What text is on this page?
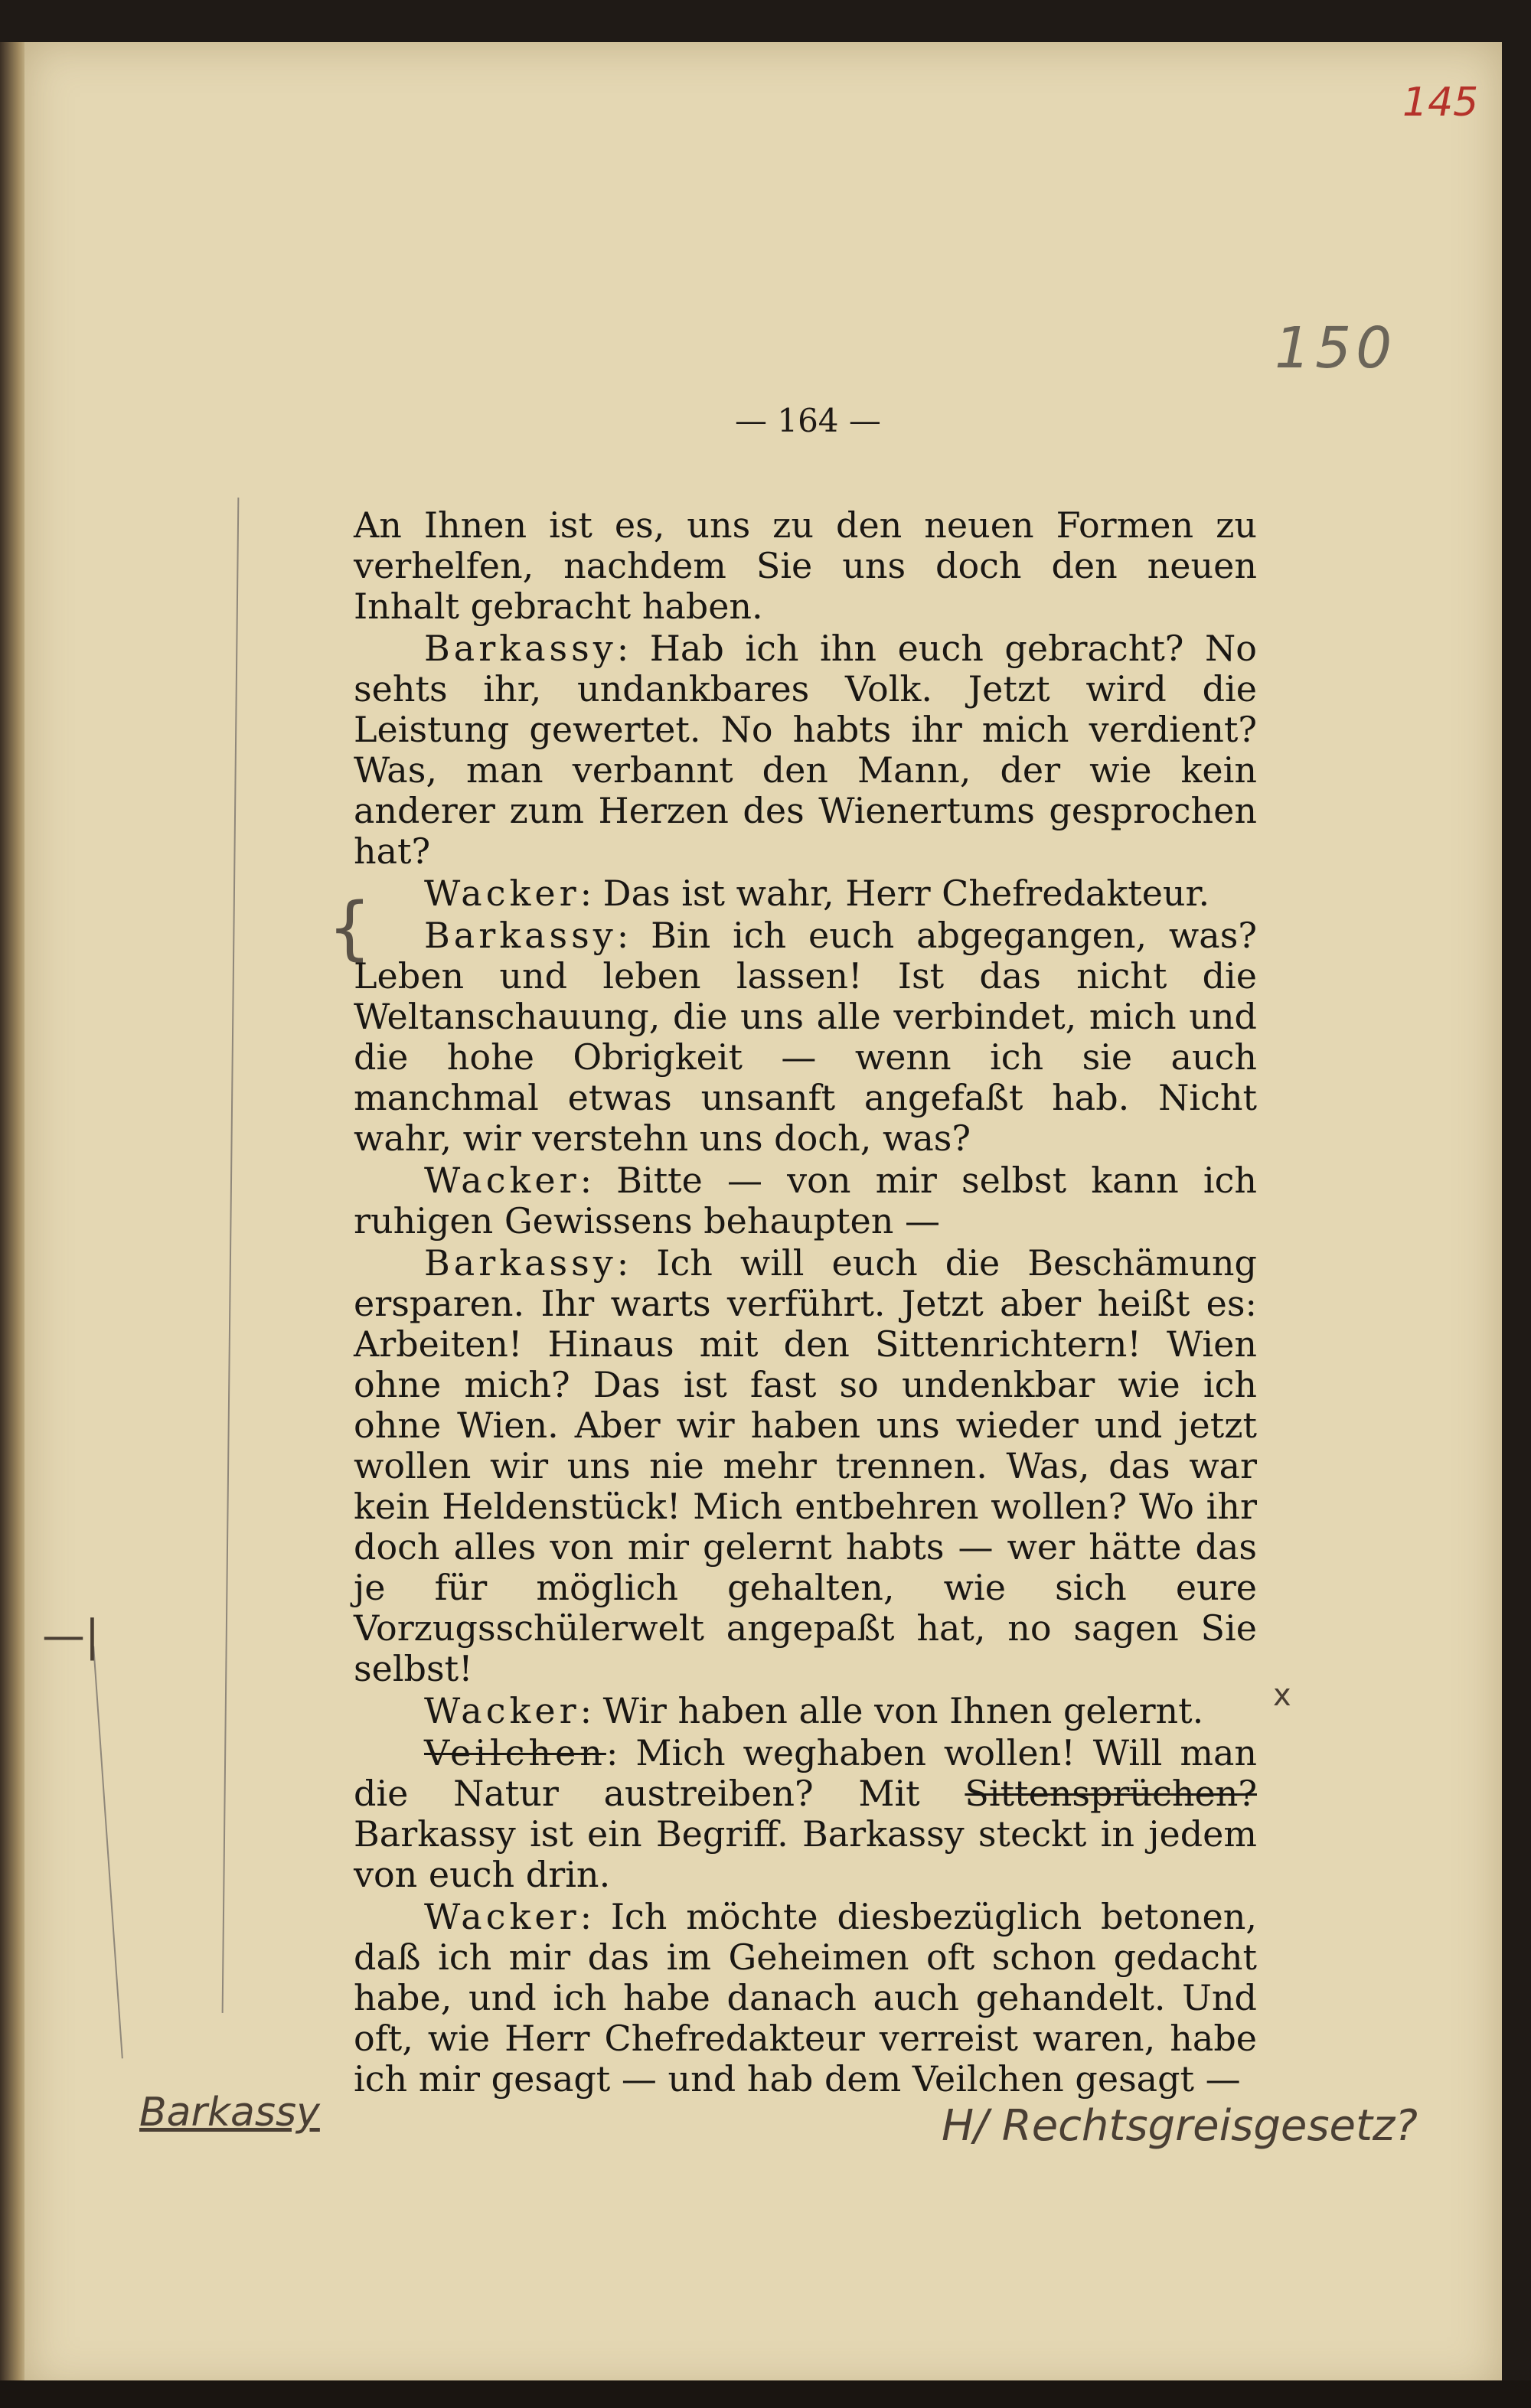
145
150
— 164 —
{
—|
x

An Ihnen ist es, uns zu den neuen Formen zu verhelfen, nachdem Sie uns doch den neuen Inhalt gebracht haben.

Barkassy: Hab ich ihn euch gebracht? No sehts ihr, undankbares Volk. Jetzt wird die Leistung gewertet. No habts ihr mich verdient? Was, man verbannt den Mann, der wie kein anderer zum Herzen des Wienertums gesprochen hat?

Wacker: Das ist wahr, Herr Chefredakteur.

Barkassy: Bin ich euch abgegangen, was? Leben und leben lassen! Ist das nicht die Weltanschauung, die uns alle verbindet, mich und die hohe Obrigkeit — wenn ich sie auch manchmal etwas unsanft angefaßt hab. Nicht wahr, wir verstehn uns doch, was?

Wacker: Bitte — von mir selbst kann ich ruhigen Gewissens behaupten —

Barkassy: Ich will euch die Beschämung ersparen. Ihr warts verführt. Jetzt aber heißt es: Arbeiten! Hinaus mit den Sittenrichtern! Wien ohne mich? Das ist fast so undenkbar wie ich ohne Wien. Aber wir haben uns wieder und jetzt wollen wir uns nie mehr trennen. Was, das war kein Heldenstück! Mich entbehren wollen? Wo ihr doch alles von mir gelernt habts — wer hätte das je für möglich gehalten, wie sich eure Vorzugsschülerwelt angepaßt hat, no sagen Sie selbst!

Wacker: Wir haben alle von Ihnen gelernt.

Veilchen: Mich weghaben wollen! Will man die Natur austreiben? Mit Sittensprüchen? Barkassy ist ein Begriff. Barkassy steckt in jedem von euch drin.

Wacker: Ich möchte diesbezüglich betonen, daß ich mir das im Geheimen oft schon gedacht habe, und ich habe danach auch gehandelt. Und oft, wie Herr Chefredakteur verreist waren, habe ich mir gesagt — und hab dem Veilchen gesagt —

Barkassy	H/ Rechtsgreisgesetz?
